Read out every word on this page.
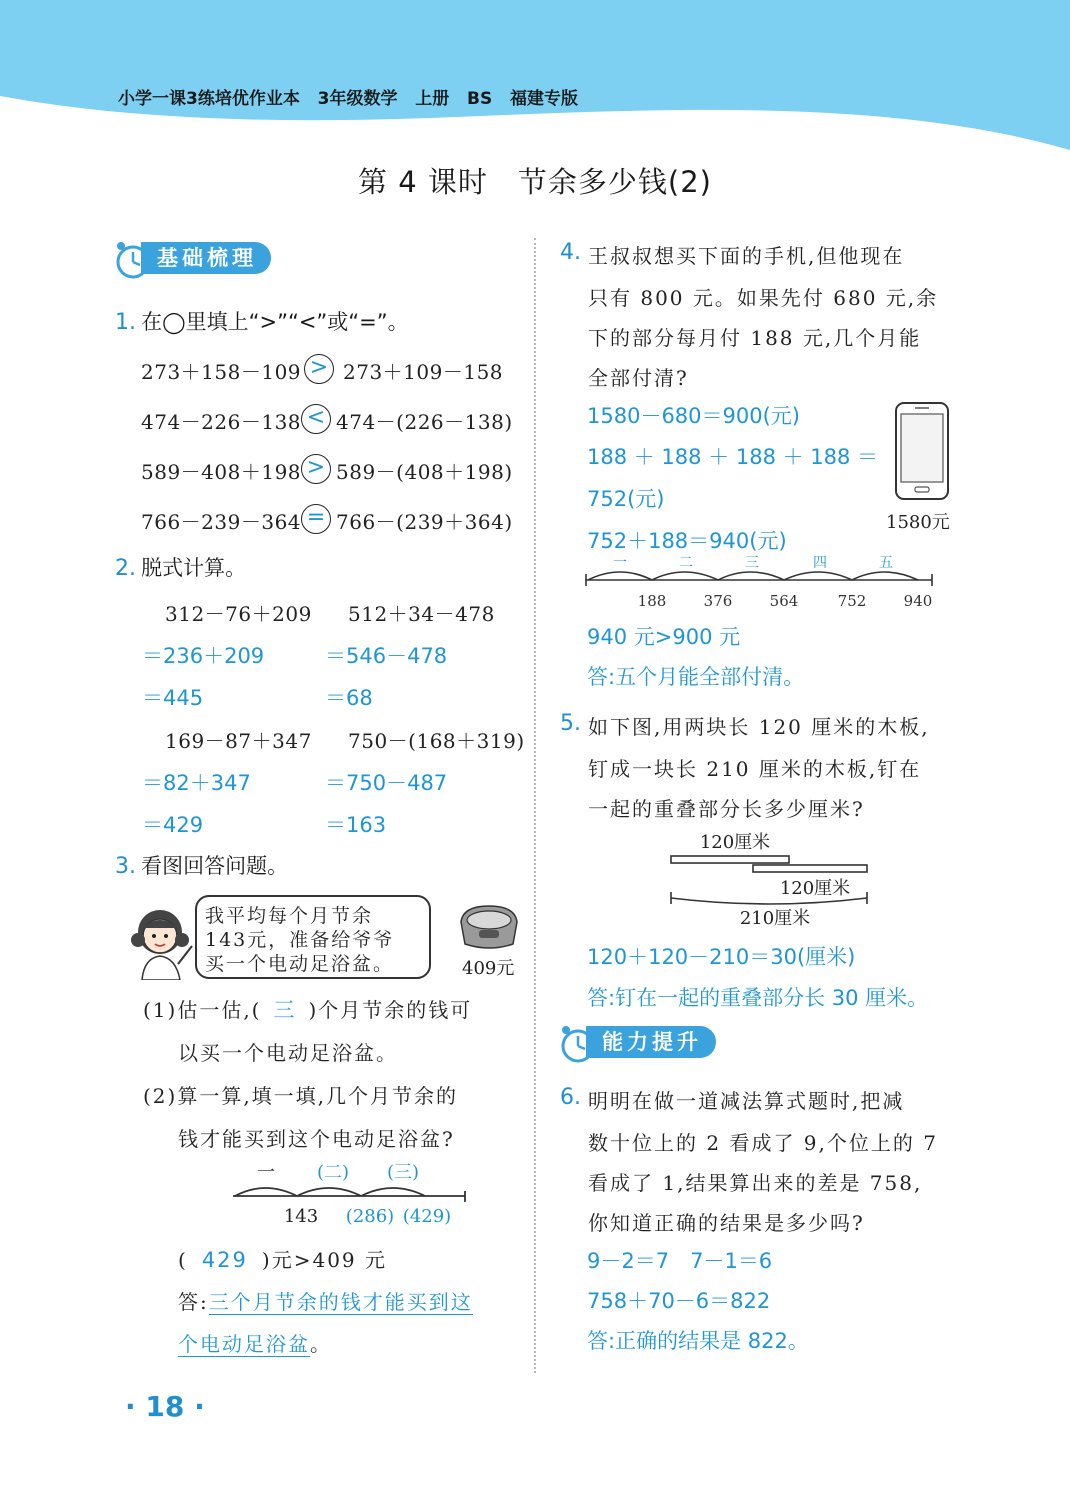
小学一课3练培优作业本 3年级数学 上册 BS 福建专版
第 4 课时　节余多少钱(2)
基础梳理
1. 在◯里填上“>”“<”或“=”。
273＋158－109 > 273＋109－158
474－226－138 < 474－(226－138)
589－408＋198 > 589－(408＋198)
766－239－364 = 766－(239＋364)
2. 脱式计算。
312－76＋209
＝236＋209
＝445
512＋34－478
＝546－478
＝68
169－87＋347
＝82＋347
＝429
750－(168＋319)
＝750－487
＝163
3. 看图回答问题。
我平均每个月节余
143元，准备给爷爷
买一个电动足浴盆。	409元
(1)估一估,( 三 )个月节余的钱可
以买一个电动足浴盆。
(2)算一算,填一填,几个月节余的
钱才能买到这个电动足浴盆?
一 (二) (三)
143 (286) (429)
( 429 )元>409 元
答:三个月节余的钱才能买到这
个电动足浴盆。
4. 王叔叔想买下面的手机,但他现在
只有 800 元。如果先付 680 元,余
下的部分每月付 188 元,几个月能
全部付清?
1580－680＝900(元)
188 ＋ 188 ＋ 188 ＋ 188 ＝
752(元)
752＋188＝940(元)
1580元
一	二	三	四	五
188 376 564	752 940
940 元>900 元
答:五个月能全部付清。
5. 如下图,用两块长 120 厘米的木板,
钉成一块长 210 厘米的木板,钉在
一起的重叠部分长多少厘米?
120厘米
120厘米
210厘米
120＋120－210＝30(厘米)
答:钉在一起的重叠部分长 30 厘米。
能力提升
6. 明明在做一道减法算式题时,把减
数十位上的 2 看成了 9,个位上的 7
看成了 1,结果算出来的差是 758,
你知道正确的结果是多少吗?
9－2＝7　7－1＝6
758＋70－6＝822
答:正确的结果是 822。
· 18 ·
